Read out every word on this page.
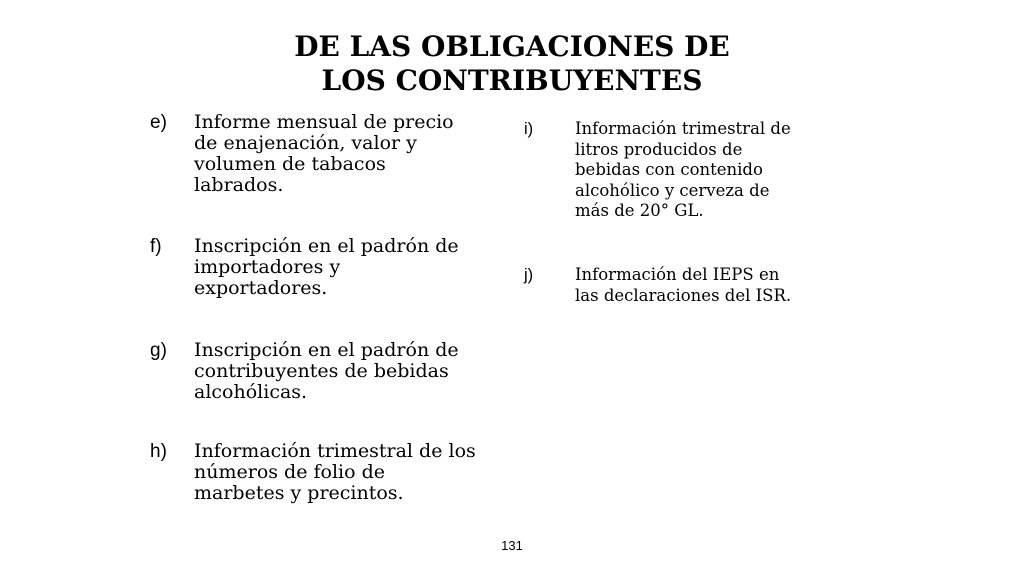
DE LAS OBLIGACIONES DE
LOS CONTRIBUYENTES
e)	Informe mensual de precio
de enajenación, valor y
volumen de tabacos
labrados.
f)	Inscripción en el padrón de
importadores y
exportadores.
g)	Inscripción en el padrón de
contribuyentes de bebidas
alcohólicas.
h)	Información trimestral de los
números de folio de
marbetes y precintos.
i)	Información trimestral de
litros producidos de
bebidas con contenido
alcohólico y cerveza de
más de 20° GL.
j)	Información del IEPS en
las declaraciones del ISR.
131
